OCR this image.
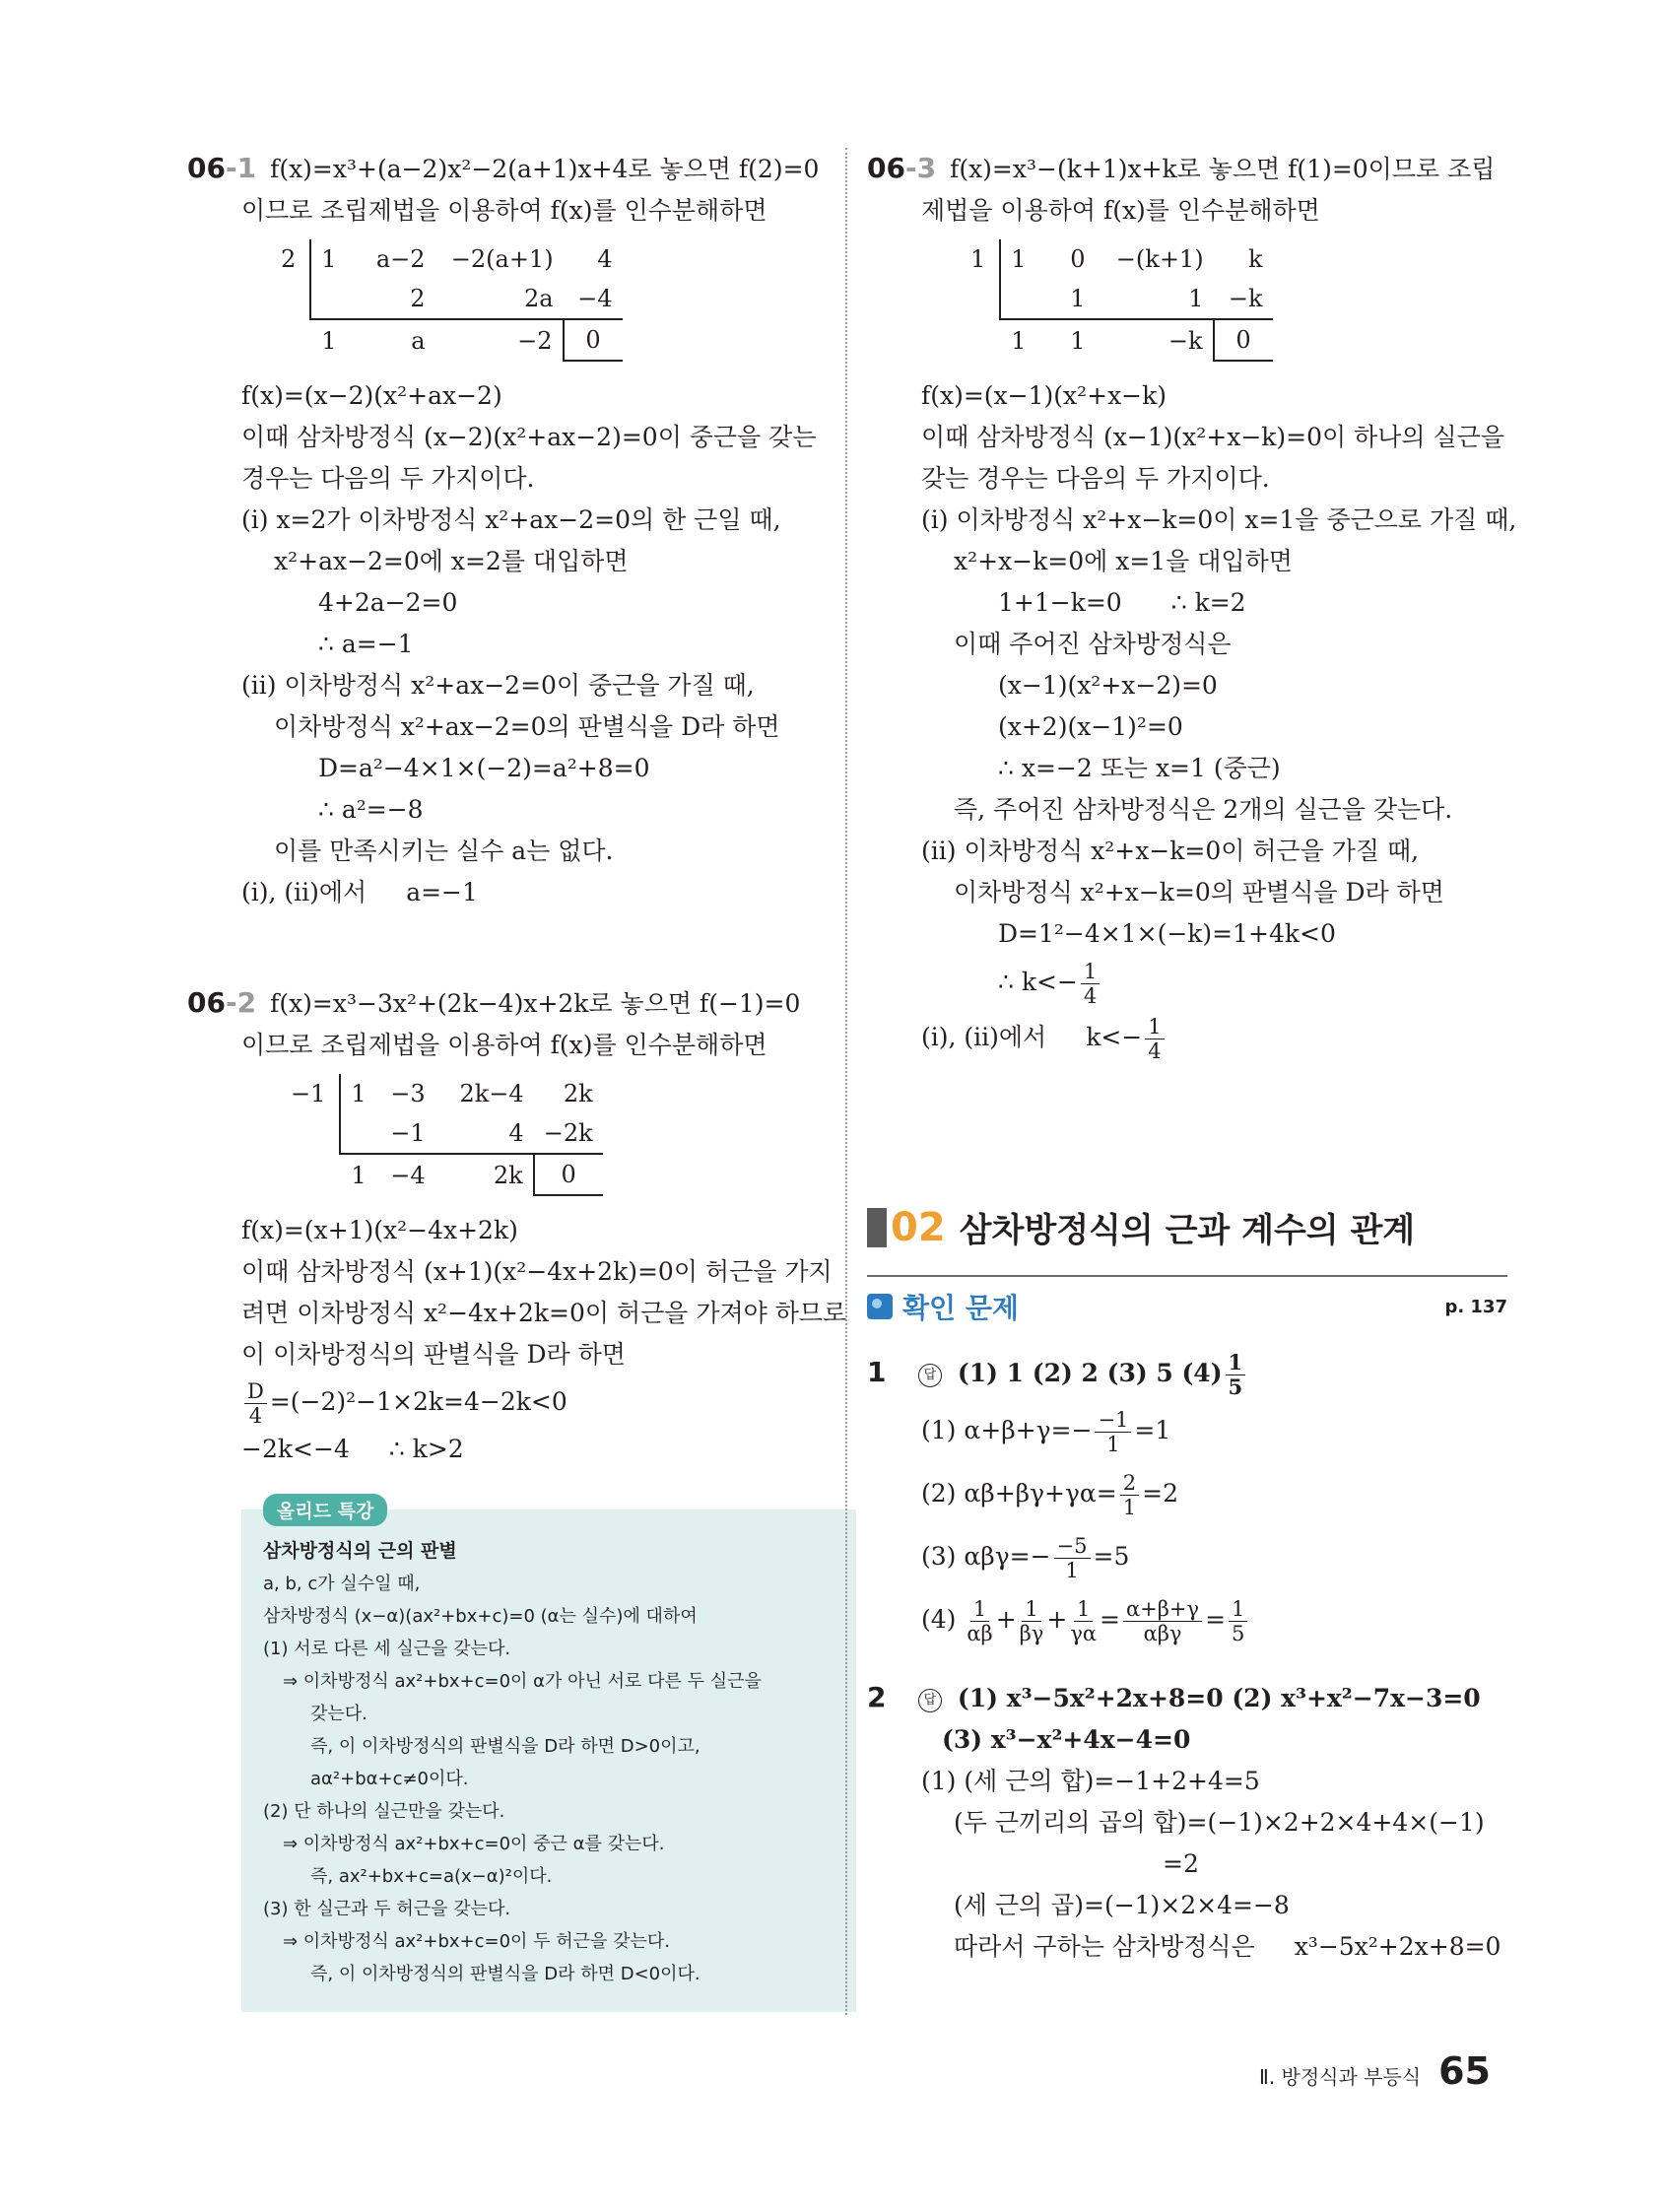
06-1 f(x)=x³+(a−2)x²−2(a+1)x+4로 놓으면 f(2)=0
이므로 조립제법을 이용하여 f(x)를 인수분해하면
2	1	a−2	−2(a+1)	4
		2	2a	−4
	1	a	−2	0
f(x)=(x−2)(x²+ax−2)
이때 삼차방정식 (x−2)(x²+ax−2)=0이 중근을 갖는
경우는 다음의 두 가지이다.
(i) x=2가 이차방정식 x²+ax−2=0의 한 근일 때,
x²+ax−2=0에 x=2를 대입하면
4+2a−2=0
∴ a=−1
(ii) 이차방정식 x²+ax−2=0이 중근을 가질 때,
이차방정식 x²+ax−2=0의 판별식을 D라 하면
D=a²−4×1×(−2)=a²+8=0
∴ a²=−8
이를 만족시키는 실수 a는 없다.
(i), (ii)에서 a=−1
06-2 f(x)=x³−3x²+(2k−4)x+2k로 놓으면 f(−1)=0
이므로 조립제법을 이용하여 f(x)를 인수분해하면
−1	1	−3	2k−4	2k
		−1	4	−2k
	1	−4	2k	0
f(x)=(x+1)(x²−4x+2k)
이때 삼차방정식 (x+1)(x²−4x+2k)=0이 허근을 가지
려면 이차방정식 x²−4x+2k=0이 허근을 가져야 하므로
이 이차방정식의 판별식을 D라 하면
$\frac{D}{4} =(-2)^2-1\times 2k=4-2k<0$
−2k<−4 ∴ k>2
올리드 특강
삼차방정식의 근의 판별
a, b, c가 실수일 때,
삼차방정식 (x−α)(ax²+bx+c)=0 (α는 실수)에 대하여
(1) 서로 다른 세 실근을 갖는다.
⇒ 이차방정식 ax²+bx+c=0이 α가 아닌 서로 다른 두 실근을
갖는다.
즉, 이 이차방정식의 판별식을 D라 하면 D>0이고,
aα²+bα+c≠0이다.
(2) 단 하나의 실근만을 갖는다.
⇒ 이차방정식 ax²+bx+c=0이 중근 α를 갖는다.
즉, ax²+bx+c=a(x−α)²이다.
(3) 한 실근과 두 허근을 갖는다.
⇒ 이차방정식 ax²+bx+c=0이 두 허근을 갖는다.
즉, 이 이차방정식의 판별식을 D라 하면 D<0이다.
06-3 f(x)=x³−(k+1)x+k로 놓으면 f(1)=0이므로 조립
제법을 이용하여 f(x)를 인수분해하면
1	1	0	−(k+1)	k
		1	1	−k
	1	1	−k	0
f(x)=(x−1)(x²+x−k)
이때 삼차방정식 (x−1)(x²+x−k)=0이 하나의 실근을
갖는 경우는 다음의 두 가지이다.
(i) 이차방정식 x²+x−k=0이 x=1을 중근으로 가질 때,
x²+x−k=0에 x=1을 대입하면
1+1−k=0 ∴ k=2
이때 주어진 삼차방정식은
(x−1)(x²+x−2)=0
(x+2)(x−1)²=0
∴ x=−2 또는 x=1 (중근)
즉, 주어진 삼차방정식은 2개의 실근을 갖는다.
(ii) 이차방정식 x²+x−k=0이 허근을 가질 때,
이차방정식 x²+x−k=0의 판별식을 D라 하면
D=1²−4×1×(−k)=1+4k<0
∴ $k<- \frac{1}{4}$
(i), (ii)에서 $k<- \frac{1}{4}$
02 삼차방정식의 근과 계수의 관계
확인 문제	p. 137
1	답 (1) 1 (2) 2 (3) 5 $(4) \frac{1}{5}$
(1) $\alpha+\beta+\gamma=- \frac{-1}{1} =1$
(2) $\alpha\beta+\beta\gamma+\gamma\alpha= \frac{2}{1} =2$
(3) $\alpha\beta\gamma=- \frac{-5}{1} =5$
$(4) \frac{1}{\alpha\beta} + \frac{1}{\beta\gamma} + \frac{1}{\gamma\alpha} = \frac{\alpha+\beta+\gamma}{\text{αβγ}} = \frac{1}{5}$
2	답 (1) x³−5x²+2x+8=0 (2) x³+x²−7x−3=0
(3) x³−x²+4x−4=0
(1) (세 근의 합)=−1+2+4=5
(두 근끼리의 곱의 합)=(−1)×2+2×4+4×(−1)
=2
(세 근의 곱)=(−1)×2×4=−8
따라서 구하는 삼차방정식은 x³−5x²+2x+8=0
Ⅱ. 방정식과 부등식 65
